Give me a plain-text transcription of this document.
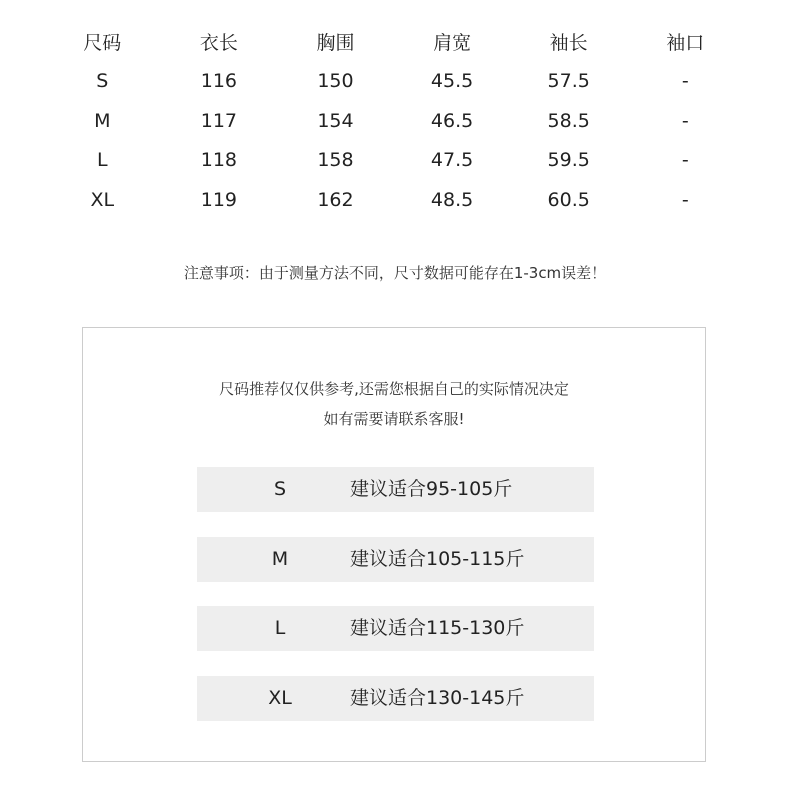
尺码	衣长	胸围	肩宽	袖长	袖口
S	116	150	45.5	57.5	-
M	117	154	46.5	58.5	-
L	118	158	47.5	59.5	-
XL	119	162	48.5	60.5	-
注意事项：由于测量方法不同，尺寸数据可能存在1-3cm误差！
尺码推荐仅仅供参考,还需您根据自己的实际情况决定
如有需要请联系客服!
S	建议适合95-105斤
M	建议适合105-115斤
L	建议适合115-130斤
XL	建议适合130-145斤
